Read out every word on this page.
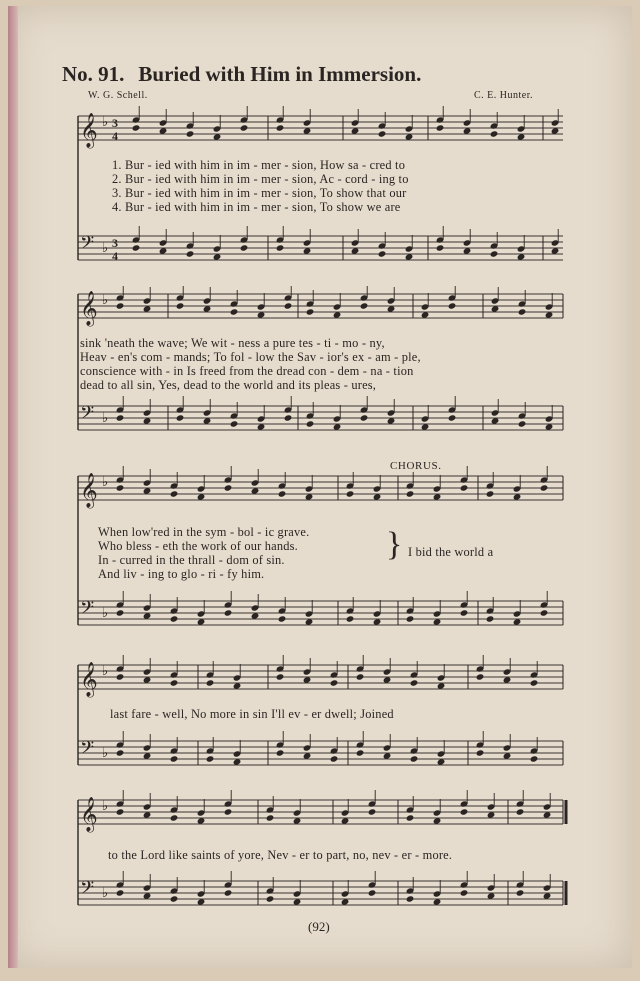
No. 91. Buried with Him in Immersion.
W. G. Schell.	C. E. Hunter.
𝄞 ♭ 3
4
𝄢 ♭ 3
4
1. Bur - ied with him in im - mer - sion, How sa - cred to
2. Bur - ied with him in im - mer - sion, Ac - cord - ing to
3. Bur - ied with him in im - mer - sion, To show that our
4. Bur - ied with him in im - mer - sion, To show we are
𝄞 ♭
𝄢 ♭
sink 'neath the wave; We wit - ness a pure tes - ti - mo - ny,
Heav - en's com - mands; To fol - low the Sav - ior's ex - am - ple,
conscience with - in Is freed from the dread con - dem - na - tion
dead to all sin, Yes, dead to the world and its pleas - ures,
CHORUS.
𝄞 ♭
𝄢 ♭
When low'red in the sym - bol - ic grave.
Who bless - eth the work of our hands.
In - curred in the thrall - dom of sin.
And liv - ing to glo - ri - fy him.
} I bid the world a
𝄞 ♭
𝄢 ♭
last fare - well, No more in sin I'll ev - er dwell; Joined
𝄞 ♭
𝄢 ♭
to the Lord like saints of yore, Nev - er to part, no, nev - er - more.
(92)
